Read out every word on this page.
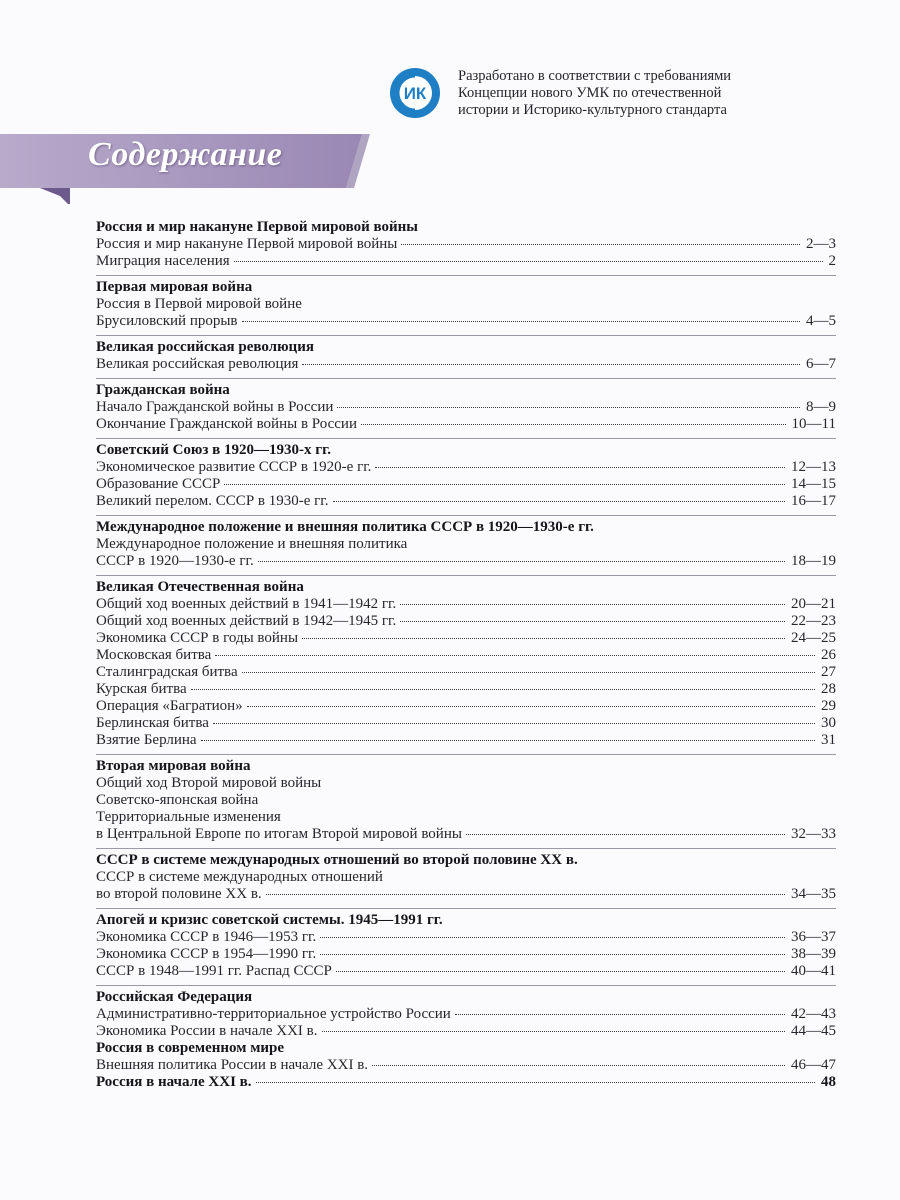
ИК
Разработано в соответствии с требованиями
Концепции нового УМК по отечественной
истории и Историко-культурного стандарта
Содержание
Россия и мир накануне Первой мировой войны
Россия и мир накануне Первой мировой войны	2—3
Миграция населения	2
Первая мировая война
Россия в Первой мировой войне
Брусиловский прорыв	4—5
Великая российская революция
Великая российская революция	6—7
Гражданская война
Начало Гражданской войны в России	8—9
Окончание Гражданской войны в России	10—11
Советский Союз в 1920—1930-х гг.
Экономическое развитие СССР в 1920-е гг.	12—13
Образование СССР	14—15
Великий перелом. СССР в 1930-е гг.	16—17
Международное положение и внешняя политика СССР в 1920—1930-е гг.
Международное положение и внешняя политика
СССР в 1920—1930-е гг.	18—19
Великая Отечественная война
Общий ход военных действий в 1941—1942 гг.	20—21
Общий ход военных действий в 1942—1945 гг.	22—23
Экономика СССР в годы войны	24—25
Московская битва	26
Сталинградская битва	27
Курская битва	28
Операция «Багратион»	29
Берлинская битва	30
Взятие Берлина	31
Вторая мировая война
Общий ход Второй мировой войны
Советско-японская война
Территориальные изменения
в Центральной Европе по итогам Второй мировой войны	32—33
СССР в системе международных отношений во второй половине XX в.
СССР в системе международных отношений
во второй половине XX в.	34—35
Апогей и кризис советской системы. 1945—1991 гг.
Экономика СССР в 1946—1953 гг.	36—37
Экономика СССР в 1954—1990 гг.	38—39
СССР в 1948—1991 гг. Распад СССР	40—41
Российская Федерация
Административно-территориальное устройство России	42—43
Экономика России в начале XXI в.	44—45
Россия в современном мире
Внешняя политика России в начале XXI в.	46—47
Россия в начале XXI в.	48
